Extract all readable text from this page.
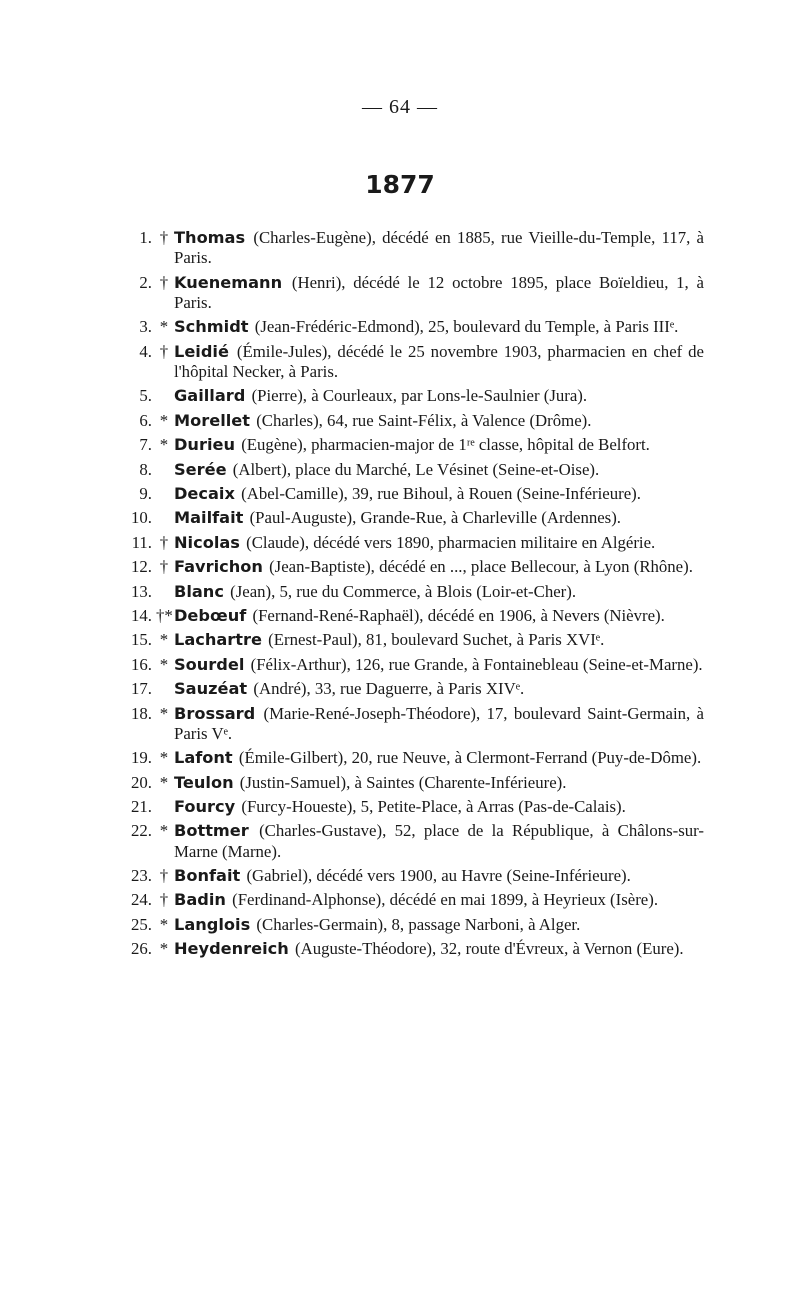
— 64 —
1877
1. † Thomas (Charles-Eugène), décédé en 1885, rue Vieille-du-Temple, 117, à Paris.
2. † Kuenemann (Henri), décédé le 12 octobre 1895, place Boïeldieu, 1, à Paris.
3. * Schmidt (Jean-Frédéric-Edmond), 25, boulevard du Temple, à Paris IIIᵉ.
4. † Leidié (Émile-Jules), décédé le 25 novembre 1903, pharmacien en chef de l'hôpital Necker, à Paris.
5. Gaillard (Pierre), à Courleaux, par Lons-le-Saulnier (Jura).
6. * Morellet (Charles), 64, rue Saint-Félix, à Valence (Drôme).
7. * Durieu (Eugène), pharmacien-major de 1ʳᵉ classe, hôpital de Belfort.
8. Serée (Albert), place du Marché, Le Vésinet (Seine-et-Oise).
9. Decaix (Abel-Camille), 39, rue Bihoul, à Rouen (Seine-Inférieure).
10. Mailfait (Paul-Auguste), Grande-Rue, à Charleville (Ardennes).
11. † Nicolas (Claude), décédé vers 1890, pharmacien militaire en Algérie.
12. † Favrichon (Jean-Baptiste), décédé en ..., place Bellecour, à Lyon (Rhône).
13. Blanc (Jean), 5, rue du Commerce, à Blois (Loir-et-Cher).
14. †* Debœuf (Fernand-René-Raphaël), décédé en 1906, à Nevers (Nièvre).
15. * Lachartre (Ernest-Paul), 81, boulevard Suchet, à Paris XVIᵉ.
16. * Sourdel (Félix-Arthur), 126, rue Grande, à Fontainebleau (Seine-et-Marne).
17. Sauzéat (André), 33, rue Daguerre, à Paris XIVᵉ.
18. * Brossard (Marie-René-Joseph-Théodore), 17, boulevard Saint-Germain, à Paris Vᵉ.
19. * Lafont (Émile-Gilbert), 20, rue Neuve, à Clermont-Ferrand (Puy-de-Dôme).
20. * Teulon (Justin-Samuel), à Saintes (Charente-Inférieure).
21. Fourcy (Furcy-Houeste), 5, Petite-Place, à Arras (Pas-de-Calais).
22. * Bottmer (Charles-Gustave), 52, place de la République, à Châlons-sur-Marne (Marne).
23. † Bonfait (Gabriel), décédé vers 1900, au Havre (Seine-Inférieure).
24. † Badin (Ferdinand-Alphonse), décédé en mai 1899, à Heyrieux (Isère).
25. * Langlois (Charles-Germain), 8, passage Narboni, à Alger.
26. * Heydenreich (Auguste-Théodore), 32, route d'Évreux, à Vernon (Eure).
